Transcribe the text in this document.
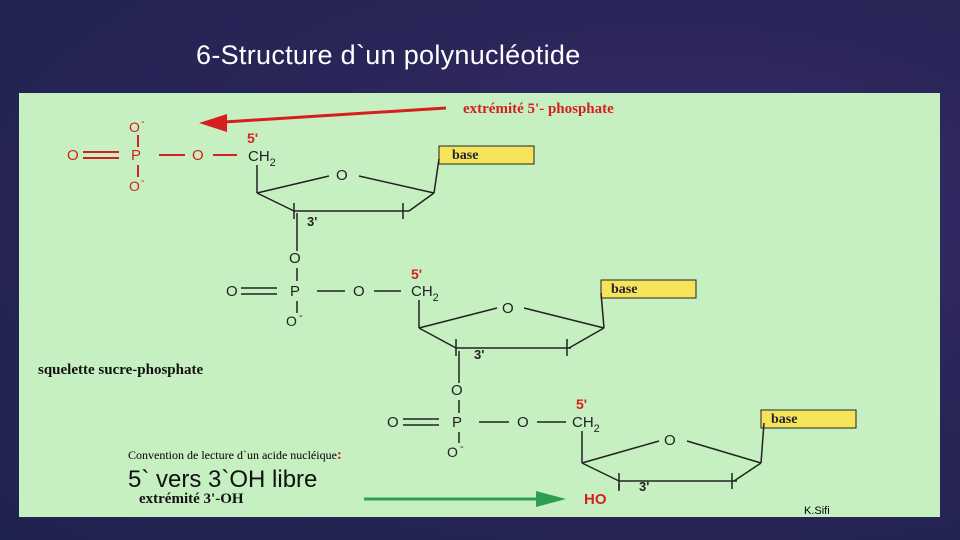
6-Structure d`un polynucléotide
extrémité 5'- phosphate
O -
O	P	O
O -
5'
$CH_2$	base
O
3'
O
O	P	O
O -
5'
$CH_2$
base
O
3'
squelette sucre-phosphate
O
O	P	O
O -
5'
$CH_2$
base
O
3'
HO
extrémité 3'-OH
Convention de lecture d`un acide nucléique:
5` vers 3`OH libre
K.Sifi
